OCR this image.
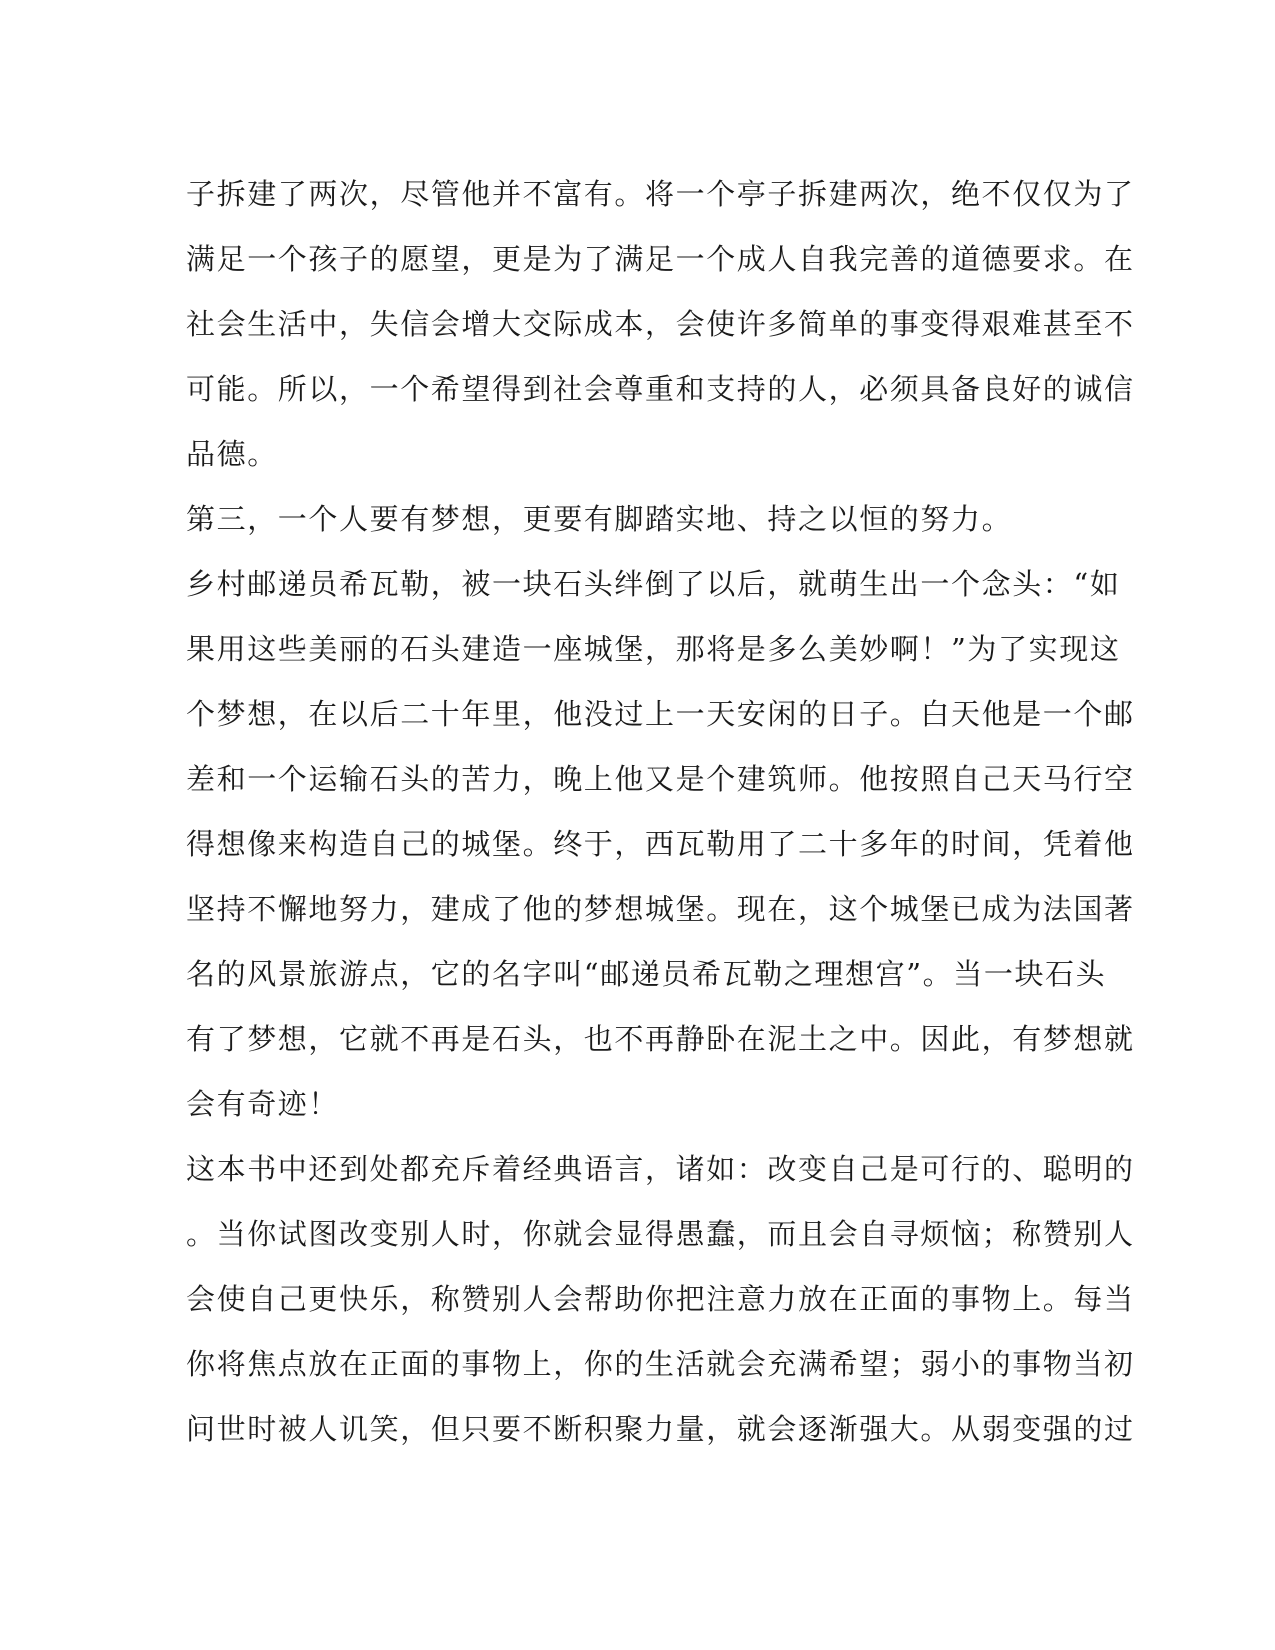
子拆建了两次，尽管他并不富有。将一个亭子拆建两次，绝不仅仅为了
满足一个孩子的愿望，更是为了满足一个成人自我完善的道德要求。在
社会生活中，失信会增大交际成本，会使许多简单的事变得艰难甚至不
可能。所以，一个希望得到社会尊重和支持的人，必须具备良好的诚信
品德。
第三，一个人要有梦想，更要有脚踏实地、持之以恒的努力。
乡村邮递员希瓦勒，被一块石头绊倒了以后，就萌生出一个念头：“如
果用这些美丽的石头建造一座城堡，那将是多么美妙啊！”为了实现这
个梦想，在以后二十年里，他没过上一天安闲的日子。白天他是一个邮
差和一个运输石头的苦力，晚上他又是个建筑师。他按照自己天马行空
得想像来构造自己的城堡。终于，西瓦勒用了二十多年的时间，凭着他
坚持不懈地努力，建成了他的梦想城堡。现在，这个城堡已成为法国著
名的风景旅游点，它的名字叫“邮递员希瓦勒之理想宫”。当一块石头
有了梦想，它就不再是石头，也不再静卧在泥土之中。因此，有梦想就
会有奇迹！
这本书中还到处都充斥着经典语言，诸如：改变自己是可行的、聪明的
。当你试图改变别人时，你就会显得愚蠢，而且会自寻烦恼；称赞别人
会使自己更快乐，称赞别人会帮助你把注意力放在正面的事物上。每当
你将焦点放在正面的事物上，你的生活就会充满希望；弱小的事物当初
问世时被人讥笑，但只要不断积聚力量，就会逐渐强大。从弱变强的过
